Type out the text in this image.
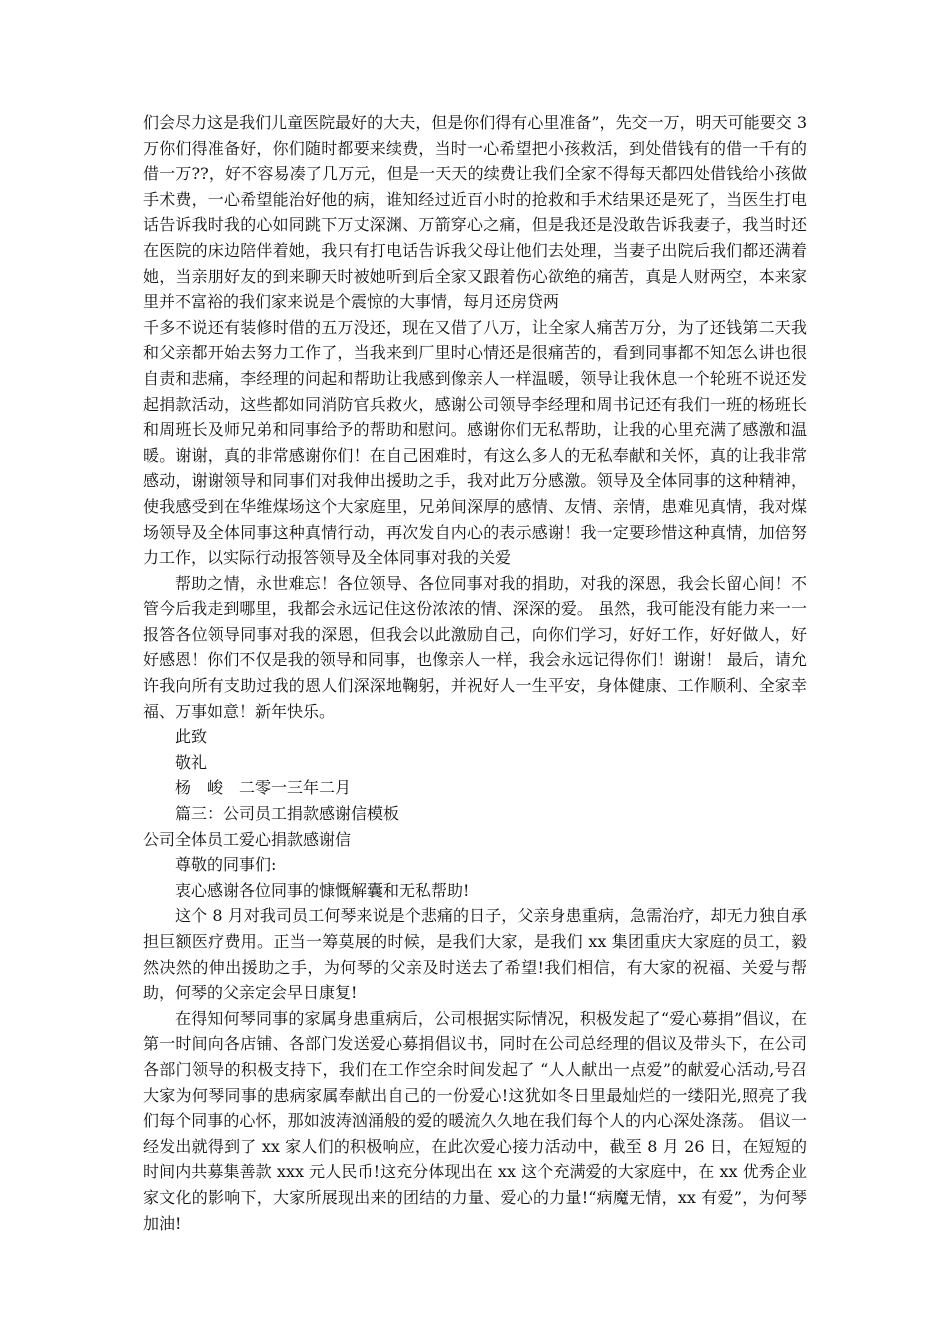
们会尽力这是我们儿童医院最好的大夫，但是你们得有心里准备”，先交一万，明天可能要交 3 万你们得准备好，你们随时都要来续费，当时一心希望把小孩救活，到处借钱有的借一千有的借一万??，好不容易凑了几万元，但是一天天的续费让我们全家不得每天都四处借钱给小孩做手术费，一心希望能治好他的病，谁知经过近百小时的抢救和手术结果还是死了，当医生打电话告诉我时我的心如同跳下万丈深渊、万箭穿心之痛，但是我还是没敢告诉我妻子，我当时还在医院的床边陪伴着她，我只有打电话告诉我父母让他们去处理，当妻子出院后我们都还满着她，当亲朋好友的到来聊天时被她听到后全家又跟着伤心欲绝的痛苦，真是人财两空，本来家里并不富裕的我们家来说是个震惊的大事情，每月还房贷两

千多不说还有装修时借的五万没还，现在又借了八万，让全家人痛苦万分，为了还钱第二天我和父亲都开始去努力工作了，当我来到厂里时心情还是很痛苦的，看到同事都不知怎么讲也很自责和悲痛，李经理的问起和帮助让我感到像亲人一样温暖，领导让我休息一个轮班不说还发起捐款活动，这些都如同消防官兵救火，感谢公司领导李经理和周书记还有我们一班的杨班长和周班长及师兄弟和同事给予的帮助和慰问。感谢你们无私帮助，让我的心里充满了感激和温暖。谢谢，真的非常感谢你们！在自己困难时，有这么多人的无私奉献和关怀，真的让我非常感动，谢谢领导和同事们对我伸出援助之手，我对此万分感激。领导及全体同事的这种精神，使我感受到在华维煤场这个大家庭里，兄弟间深厚的感情、友情、亲情，患难见真情，我对煤场领导及全体同事这种真情行动，再次发自内心的表示感谢！我一定要珍惜这种真情，加倍努力工作，以实际行动报答领导及全体同事对我的关爱

帮助之情，永世难忘！各位领导、各位同事对我的捐助，对我的深恩，我会长留心间！不管今后我走到哪里，我都会永远记住这份浓浓的情、深深的爱。 虽然，我可能没有能力来一一报答各位领导同事对我的深恩，但我会以此激励自己，向你们学习，好好工作，好好做人，好好感恩！你们不仅是我的领导和同事，也像亲人一样，我会永远记得你们！谢谢！ 最后，请允许我向所有支助过我的恩人们深深地鞠躬，并祝好人一生平安，身体健康、工作顺利、全家幸福、万事如意！新年快乐。

此致

敬礼

杨　峻　二零一三年二月

篇三：公司员工捐款感谢信模板

公司全体员工爱心捐款感谢信

尊敬的同事们:

衷心感谢各位同事的慷慨解囊和无私帮助!

这个 8 月对我司员工何琴来说是个悲痛的日子，父亲身患重病，急需治疗，却无力独自承担巨额医疗费用。正当一筹莫展的时候，是我们大家，是我们 xx 集团重庆大家庭的员工，毅然决然的伸出援助之手，为何琴的父亲及时送去了希望!我们相信，有大家的祝福、关爱与帮助，何琴的父亲定会早日康复!

在得知何琴同事的家属身患重病后，公司根据实际情况，积极发起了“爱心募捐”倡议，在第一时间向各店铺、各部门发送爱心募捐倡议书，同时在公司总经理的倡议及带头下，在公司各部门领导的积极支持下，我们在工作空余时间发起了 “人人献出一点爱”的献爱心活动,号召大家为何琴同事的患病家属奉献出自己的一份爱心!这犹如冬日里最灿烂的一缕阳光,照亮了我们每个同事的心怀，那如波涛汹涌般的爱的暖流久久地在我们每个人的内心深处涤荡。 倡议一经发出就得到了 xx 家人们的积极响应，在此次爱心接力活动中，截至 8 月 26 日，在短短的时间内共募集善款 xxx 元人民币!这充分体现出在 xx 这个充满爱的大家庭中，在 xx 优秀企业家文化的影响下，大家所展现出来的团结的力量、爱心的力量!“病魔无情，xx 有爱”，为何琴加油!
